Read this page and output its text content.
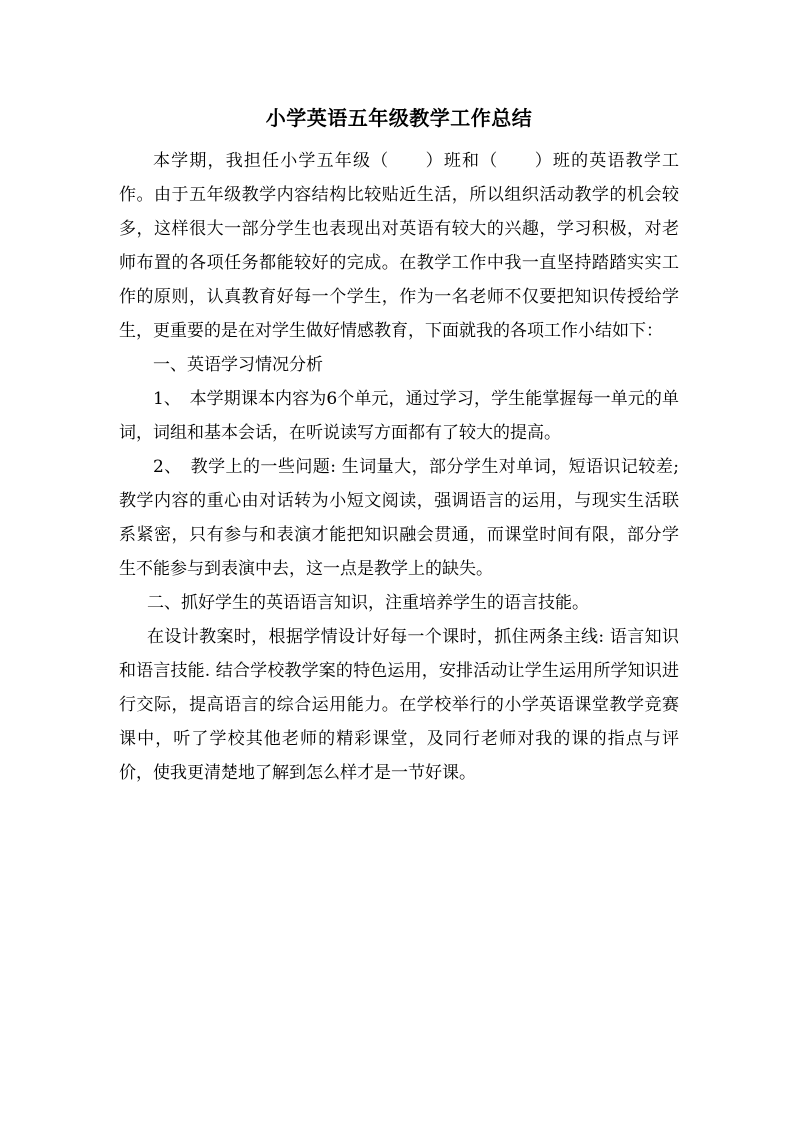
小学英语五年级教学工作总结

本学期，我担任小学五年级（　　）班和（　　）班的英语教学工作。由于五年级教学内容结构比较贴近生活，所以组织活动教学的机会较多，这样很大一部分学生也表现出对英语有较大的兴趣，学习积极，对老师布置的各项任务都能较好的完成。在教学工作中我一直坚持踏踏实实工作的原则，认真教育好每一个学生，作为一名老师不仅要把知识传授给学生，更重要的是在对学生做好情感教育，下面就我的各项工作小结如下：

一、英语学习情况分析

1、　本学期课本内容为6个单元，通过学习，学生能掌握每一单元的单词，词组和基本会话，在听说读写方面都有了较大的提高。

2、　教学上的一些问题: 生词量大，部分学生对单词，短语识记较差; 教学内容的重心由对话转为小短文阅读，强调语言的运用，与现实生活联系紧密，只有参与和表演才能把知识融会贯通，而课堂时间有限，部分学生不能参与到表演中去，这一点是教学上的缺失。

二、抓好学生的英语语言知识，注重培养学生的语言技能。

在设计教案时，根据学情设计好每一个课时，抓住两条主线: 语言知识和语言技能. 结合学校教学案的特色运用，安排活动让学生运用所学知识进行交际，提高语言的综合运用能力。在学校举行的小学英语课堂教学竞赛课中，听了学校其他老师的精彩课堂，及同行老师对我的课的指点与评价，使我更清楚地了解到怎么样才是一节好课。
